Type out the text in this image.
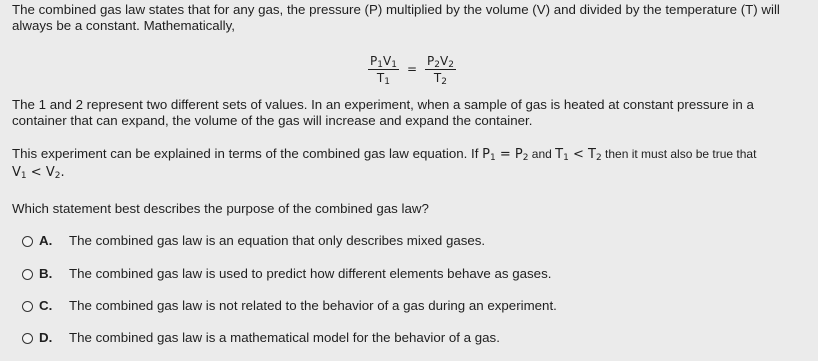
The combined gas law states that for any gas, the pressure (P) multiplied by the volume (V) and divided by the temperature (T) will
always be a constant. Mathematically,

$\frac{P_1V_1}{T_1} = \frac{P_2V_2}{T_2}$

The 1 and 2 represent two different sets of values. In an experiment, when a sample of gas is heated at constant pressure in a
container that can expand, the volume of the gas will increase and expand the container.

This experiment can be explained in terms of the combined gas law equation. If $P_1 = P_2$ and $T_1 < T_2$ then it must also be true that
$V_1 < V_2$.

Which statement best describes the purpose of the combined gas law?

A.	The combined gas law is an equation that only describes mixed gases.
B.	The combined gas law is used to predict how different elements behave as gases.
C.	The combined gas law is not related to the behavior of a gas during an experiment.
D.	The combined gas law is a mathematical model for the behavior of a gas.
